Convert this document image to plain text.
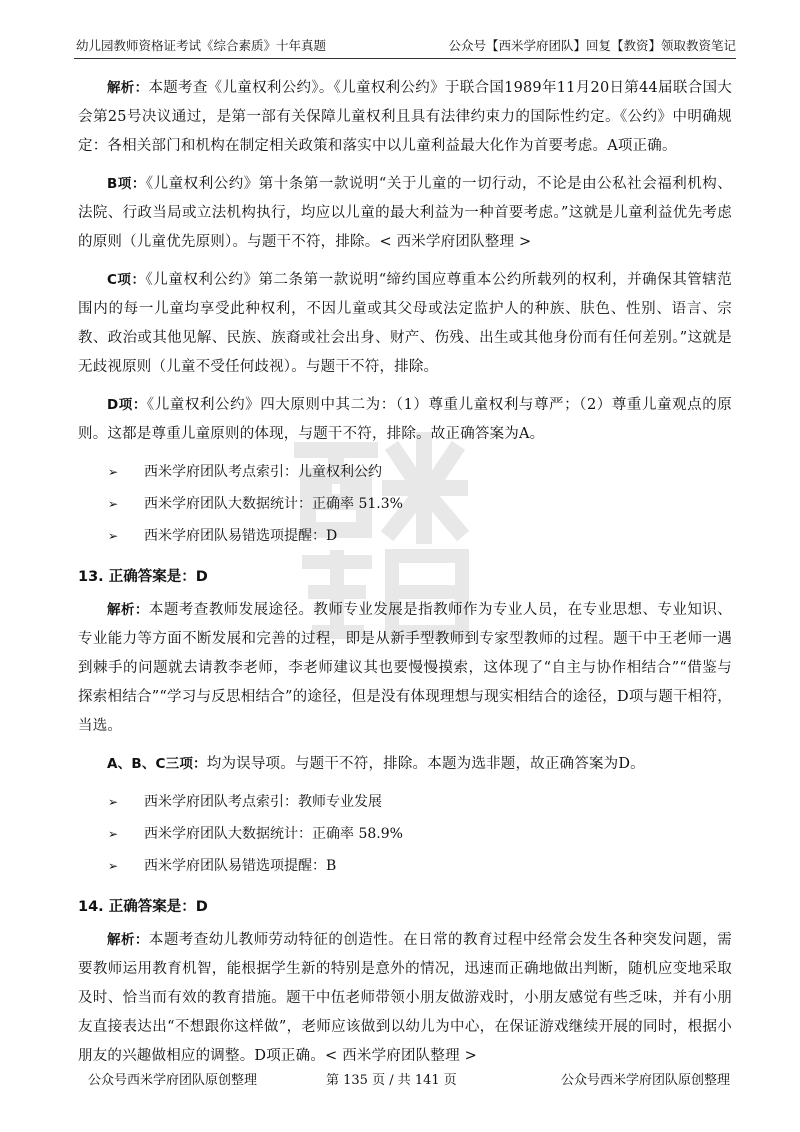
幼儿园教师资格证考试《综合素质》十年真题	公众号【西米学府团队】回复【教资】领取教资笔记

解析：本题考查《儿童权利公约》。《儿童权利公约》于联合国1989年11月20日第44届联合国大会第25号决议通过，是第一部有关保障儿童权利且具有法律约束力的国际性约定。《公约》中明确规定：各相关部门和机构在制定相关政策和落实中以儿童利益最大化作为首要考虑。A项正确。

B项：《儿童权利公约》第十条第一款说明“关于儿童的一切行动，不论是由公私社会福利机构、法院、行政当局或立法机构执行，均应以儿童的最大利益为一种首要考虑。”这就是儿童利益优先考虑的原则（儿童优先原则）。与题干不符，排除。< 西米学府团队整理 >

C项：《儿童权利公约》第二条第一款说明“缔约国应尊重本公约所载列的权利，并确保其管辖范围内的每一儿童均享受此种权利，不因儿童或其父母或法定监护人的种族、肤色、性别、语言、宗教、政治或其他见解、民族、族裔或社会出身、财产、伤残、出生或其他身份而有任何差别。”这就是无歧视原则（儿童不受任何歧视）。与题干不符，排除。

D项：《儿童权利公约》四大原则中其二为：（1）尊重儿童权利与尊严；（2）尊重儿童观点的原则。这都是尊重儿童原则的体现，与题干不符，排除。故正确答案为A。

➢ 西米学府团队考点索引：儿童权利公约
➢ 西米学府团队大数据统计：正确率 51.3%
➢ 西米学府团队易错选项提醒：D
13. 正确答案是：D

解析：本题考查教师发展途径。教师专业发展是指教师作为专业人员，在专业思想、专业知识、专业能力等方面不断发展和完善的过程，即是从新手型教师到专家型教师的过程。题干中王老师一遇到棘手的问题就去请教李老师，李老师建议其也要慢慢摸索，这体现了“自主与协作相结合”“借鉴与探索相结合”“学习与反思相结合”的途径，但是没有体现理想与现实相结合的途径，D项与题干相符，当选。

A、B、C三项：均为误导项。与题干不符，排除。本题为选非题，故正确答案为D。

➢ 西米学府团队考点索引：教师专业发展
➢ 西米学府团队大数据统计：正确率 58.9%
➢ 西米学府团队易错选项提醒：B
14. 正确答案是：D

解析：本题考查幼儿教师劳动特征的创造性。在日常的教育过程中经常会发生各种突发问题，需要教师运用教育机智，能根据学生新的特别是意外的情况，迅速而正确地做出判断，随机应变地采取及时、恰当而有效的教育措施。题干中伍老师带领小朋友做游戏时，小朋友感觉有些乏味，并有小朋友直接表达出“不想跟你这样做”，老师应该做到以幼儿为中心，在保证游戏继续开展的同时，根据小朋友的兴趣做相应的调整。D项正确。< 西米学府团队整理 >

公众号西米学府团队原创整理	第 135 页 / 共 141 页	公众号西米学府团队原创整理
